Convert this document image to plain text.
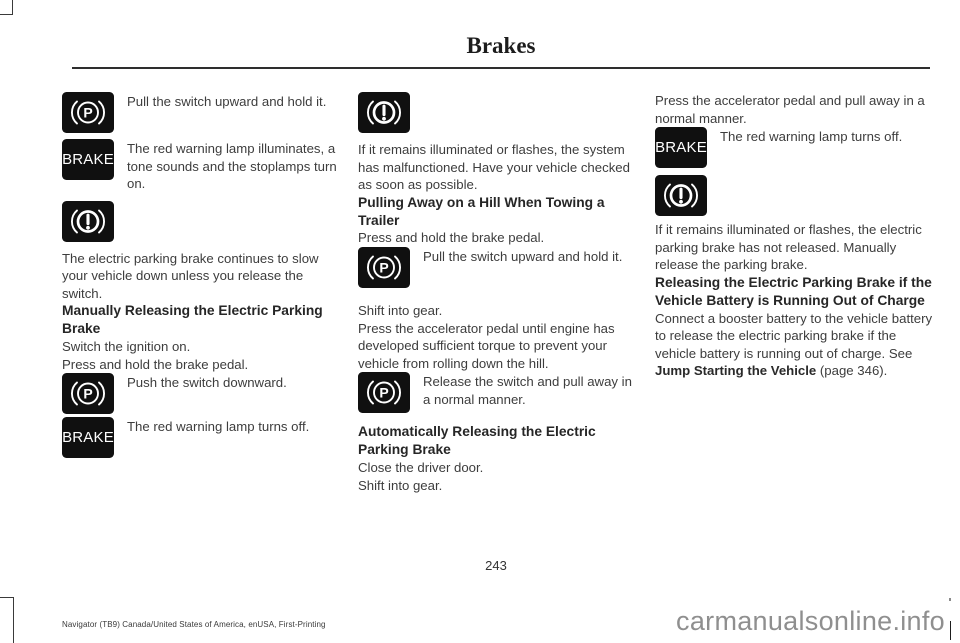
Brakes
Pull the switch upward and hold it.
BRAKE
The red warning lamp illuminates, a tone sounds and the stoplamps turn on.

The electric parking brake continues to slow your vehicle down unless you release the switch.

Manually Releasing the Electric Parking Brake

Switch the ignition on.

Press and hold the brake pedal.

Push the switch downward.
BRAKE
The red warning lamp turns off.

If it remains illuminated or flashes, the system has malfunctioned. Have your vehicle checked as soon as possible.

Pulling Away on a Hill When Towing a Trailer

Press and hold the brake pedal.

Pull the switch upward and hold it.

Shift into gear.

Press the accelerator pedal until engine has developed sufficient torque to prevent your vehicle from rolling down the hill.

Release the switch and pull away in a normal manner.
Automatically Releasing the Electric Parking Brake

Close the driver door.

Shift into gear.

Press the accelerator pedal and pull away in a normal manner.

BRAKE
The red warning lamp turns off.

If it remains illuminated or flashes, the electric parking brake has not released. Manually release the parking brake.

Releasing the Electric Parking Brake if the Vehicle Battery is Running Out of Charge

Connect a booster battery to the vehicle battery to release the electric parking brake if the vehicle battery is running out of charge. See Jump Starting the Vehicle (page 346).

243
Navigator (TB9) Canada/United States of America, enUSA, First-Printing	carmanualsonline.info
